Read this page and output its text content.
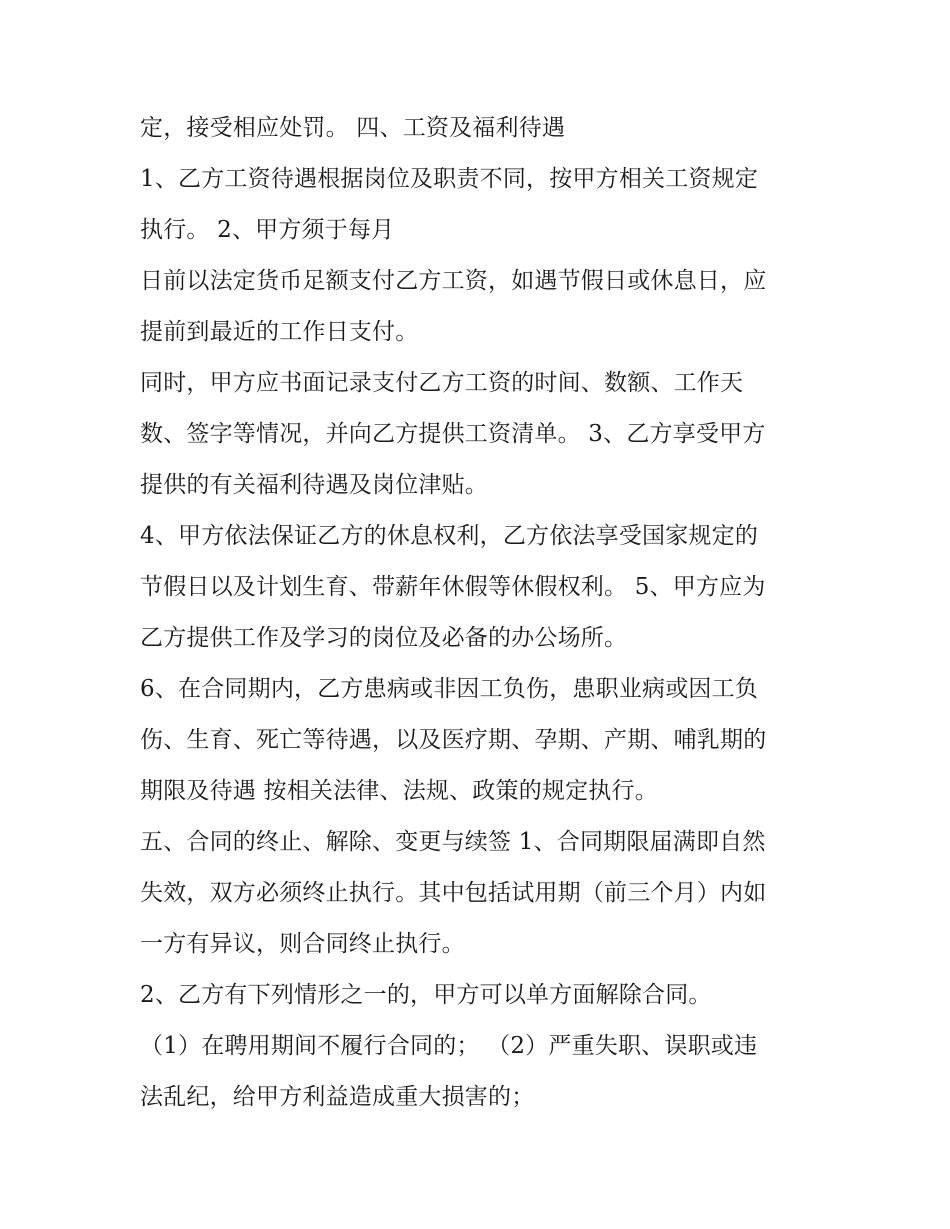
定，接受相应处罚。 四、工资及福利待遇
1、乙方工资待遇根据岗位及职责不同，按甲方相关工资规定
执行。 2、甲方须于每月
日前以法定货币足额支付乙方工资，如遇节假日或休息日，应
提前到最近的工作日支付。
同时，甲方应书面记录支付乙方工资的时间、数额、工作天
数、签字等情况，并向乙方提供工资清单。 3、乙方享受甲方
提供的有关福利待遇及岗位津贴。
4、甲方依法保证乙方的休息权利，乙方依法享受国家规定的
节假日以及计划生育、带薪年休假等休假权利。 5、甲方应为
乙方提供工作及学习的岗位及必备的办公场所。
6、在合同期内，乙方患病或非因工负伤，患职业病或因工负
伤、生育、死亡等待遇，以及医疗期、孕期、产期、哺乳期的
期限及待遇 按相关法律、法规、政策的规定执行。
五、合同的终止、解除、变更与续签 1、合同期限届满即自然
失效，双方必须终止执行。其中包括试用期（前三个月）内如
一方有异议，则合同终止执行。
2、乙方有下列情形之一的，甲方可以单方面解除合同。
（1）在聘用期间不履行合同的； （2）严重失职、误职或违
法乱纪，给甲方利益造成重大损害的；
